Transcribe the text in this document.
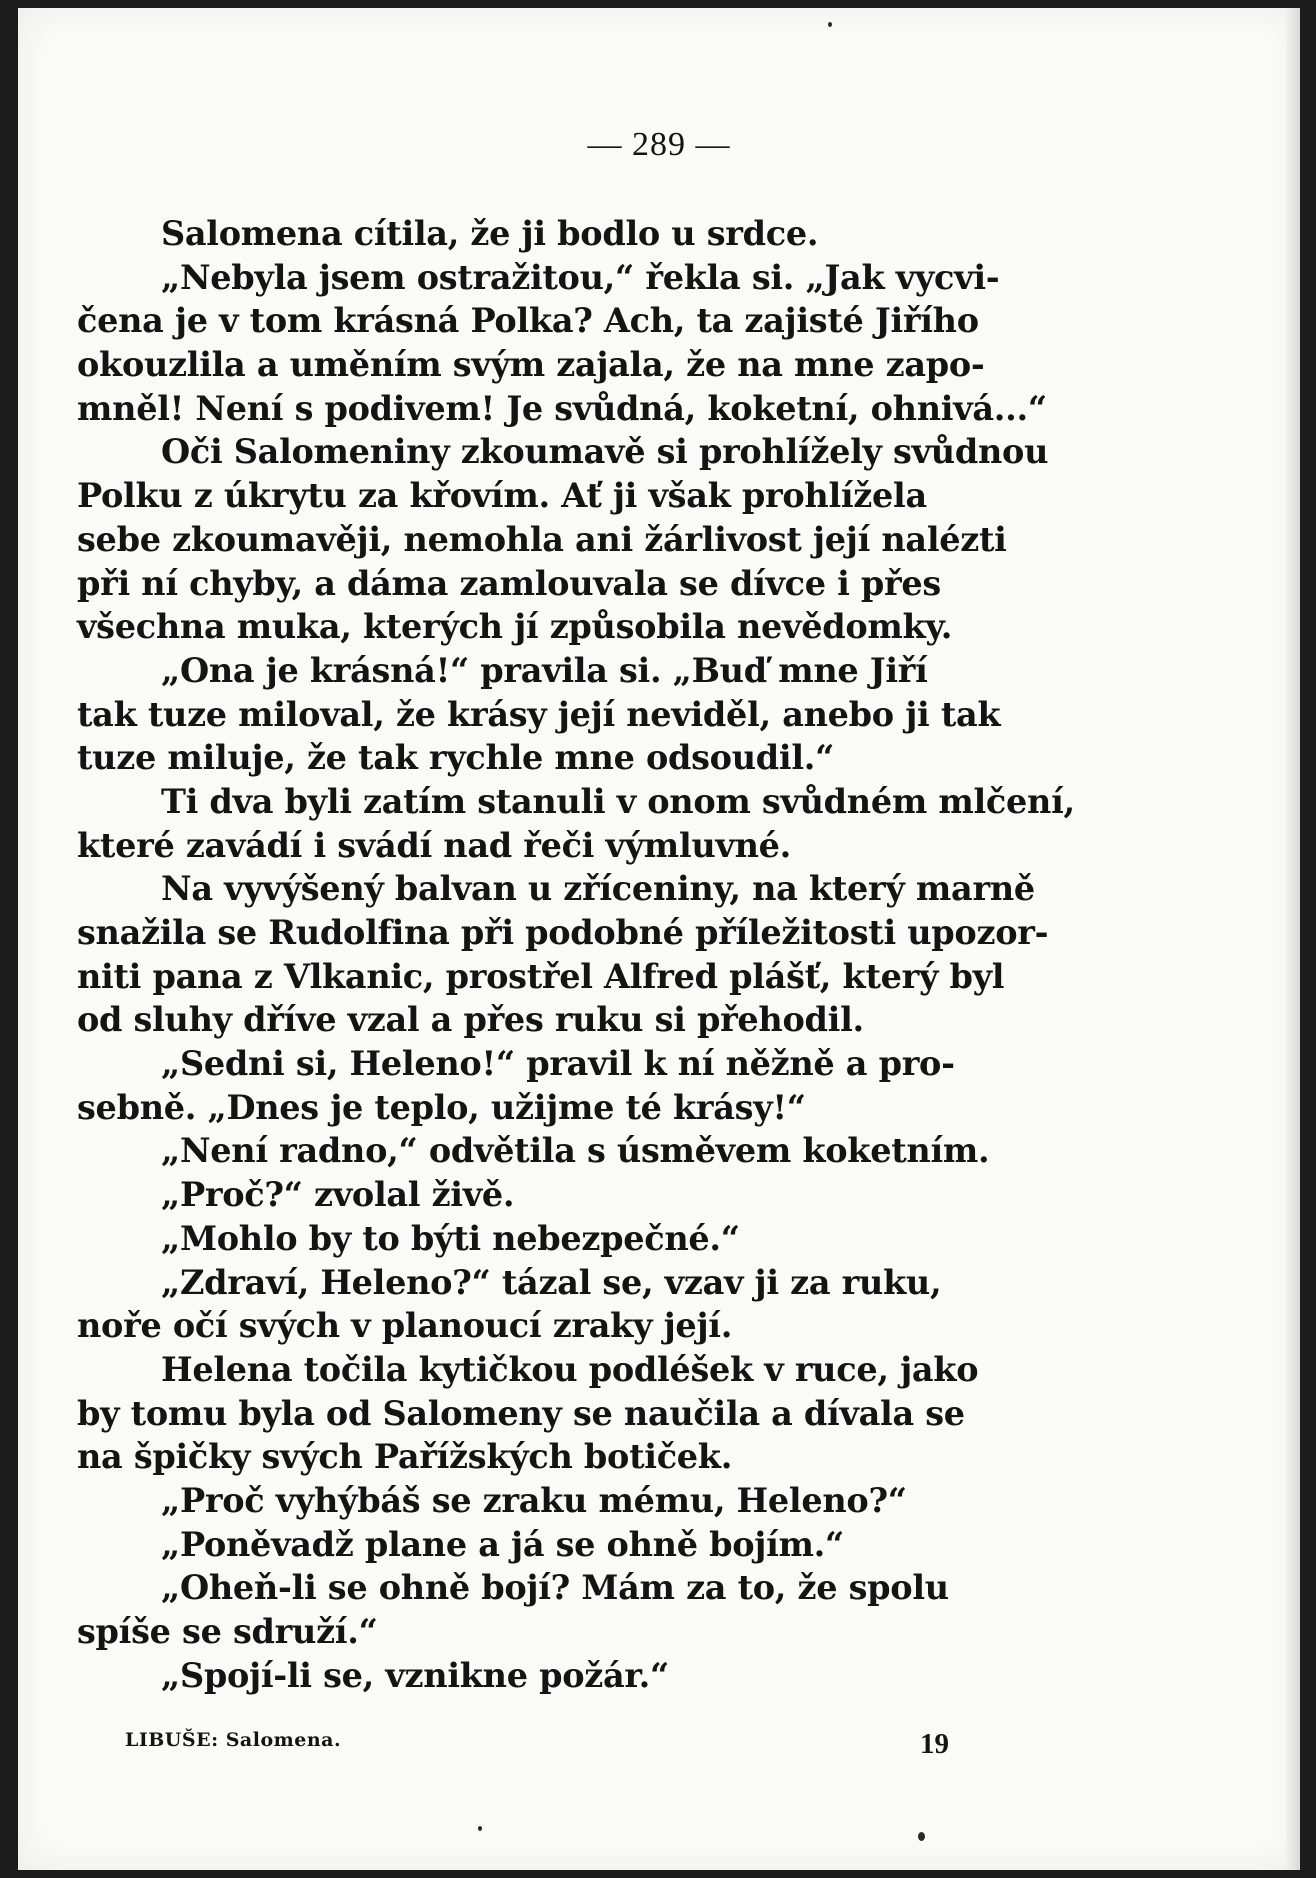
— 289 —
Salomena cítila, že ji bodlo u srdce.
„Nebyla jsem ostražitou,“ řekla si. „Jak vycvi-
čena je v tom krásná Polka? Ach, ta zajisté Jiřího
okouzlila a uměním svým zajala, že na mne zapo-
mněl! Není s podivem! Je svůdná, koketní, ohnivá...“
Oči Salomeniny zkoumavě si prohlížely svůdnou
Polku z úkrytu za křovím. Ať ji však prohlížela
sebe zkoumavěji, nemohla ani žárlivost její nalézti
při ní chyby, a dáma zamlouvala se dívce i přes
všechna muka, kterých jí způsobila nevědomky.
„Ona je krásná!“ pravila si. „Buď mne Jiří
tak tuze miloval, že krásy její neviděl, anebo ji tak
tuze miluje, že tak rychle mne odsoudil.“
Ti dva byli zatím stanuli v onom svůdném mlčení,
které zavádí i svádí nad řeči výmluvné.
Na vyvýšený balvan u zříceniny, na který marně
snažila se Rudolfina při podobné příležitosti upozor-
niti pana z Vlkanic, prostřel Alfred plášť, který byl
od sluhy dříve vzal a přes ruku si přehodil.
„Sedni si, Heleno!“ pravil k ní něžně a pro-
sebně. „Dnes je teplo, užijme té krásy!“
„Není radno,“ odvětila s úsměvem koketním.
„Proč?“ zvolal živě.
„Mohlo by to býti nebezpečné.“
„Zdraví, Heleno?“ tázal se, vzav ji za ruku,
noře očí svých v planoucí zraky její.
Helena točila kytičkou podléšek v ruce, jako
by tomu byla od Salomeny se naučila a dívala se
na špičky svých Pařížských botiček.
„Proč vyhýbáš se zraku mému, Heleno?“
„Poněvadž plane a já se ohně bojím.“
„Oheň-li se ohně bojí? Mám za to, že spolu
spíše se sdruží.“
„Spojí-li se, vznikne požár.“
LIBUŠE: Salomena.	19
